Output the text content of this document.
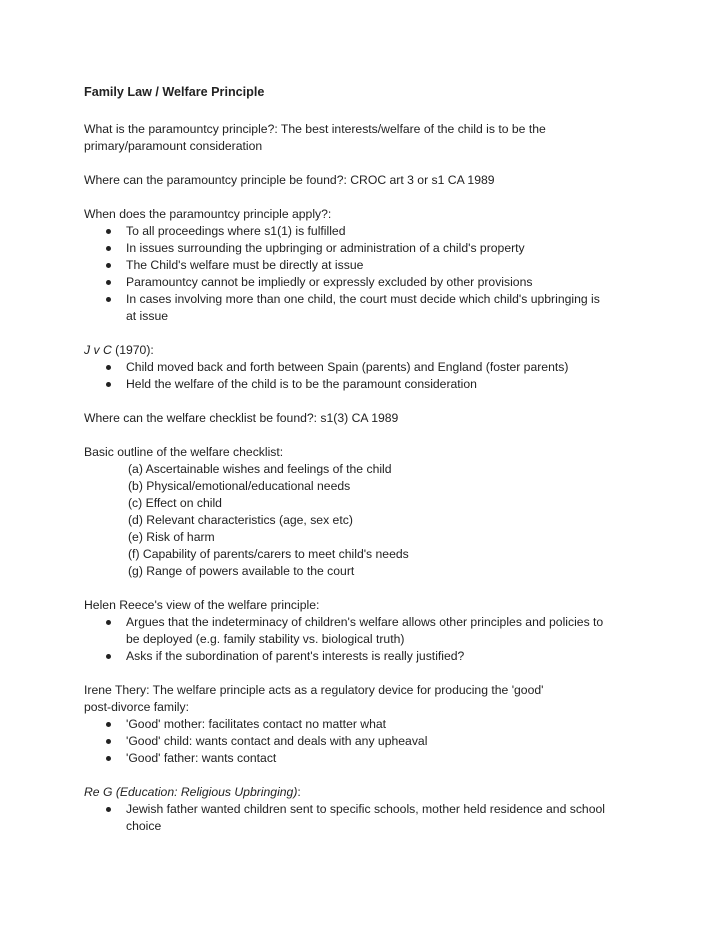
Family Law / Welfare Principle

What is the paramountcy principle?: The best interests/welfare of the child is to be the

primary/paramount consideration

Where can the paramountcy principle be found?: CROC art 3 or s1 CA 1989

When does the paramountcy principle apply?:

To all proceedings where s1(1) is fulfilled
In issues surrounding the upbringing or administration of a child's property
The Child's welfare must be directly at issue
Paramountcy cannot be impliedly or expressly excluded by other provisions
In cases involving more than one child, the court must decide which child's upbringing is
at issue

J v C (1970):

Child moved back and forth between Spain (parents) and England (foster parents)
Held the welfare of the child is to be the paramount consideration

Where can the welfare checklist be found?: s1(3) CA 1989

Basic outline of the welfare checklist:

(a) Ascertainable wishes and feelings of the child
(b) Physical/emotional/educational needs
(c) Effect on child
(d) Relevant characteristics (age, sex etc)
(e) Risk of harm
(f) Capability of parents/carers to meet child's needs
(g) Range of powers available to the court

Helen Reece's view of the welfare principle:

Argues that the indeterminacy of children's welfare allows other principles and policies to
be deployed (e.g. family stability vs. biological truth)
Asks if the subordination of parent's interests is really justified?

Irene Thery: The welfare principle acts as a regulatory device for producing the 'good'

post-divorce family:

'Good' mother: facilitates contact no matter what
'Good' child: wants contact and deals with any upheaval
'Good' father: wants contact

Re G (Education: Religious Upbringing):

Jewish father wanted children sent to specific schools, mother held residence and school
choice
